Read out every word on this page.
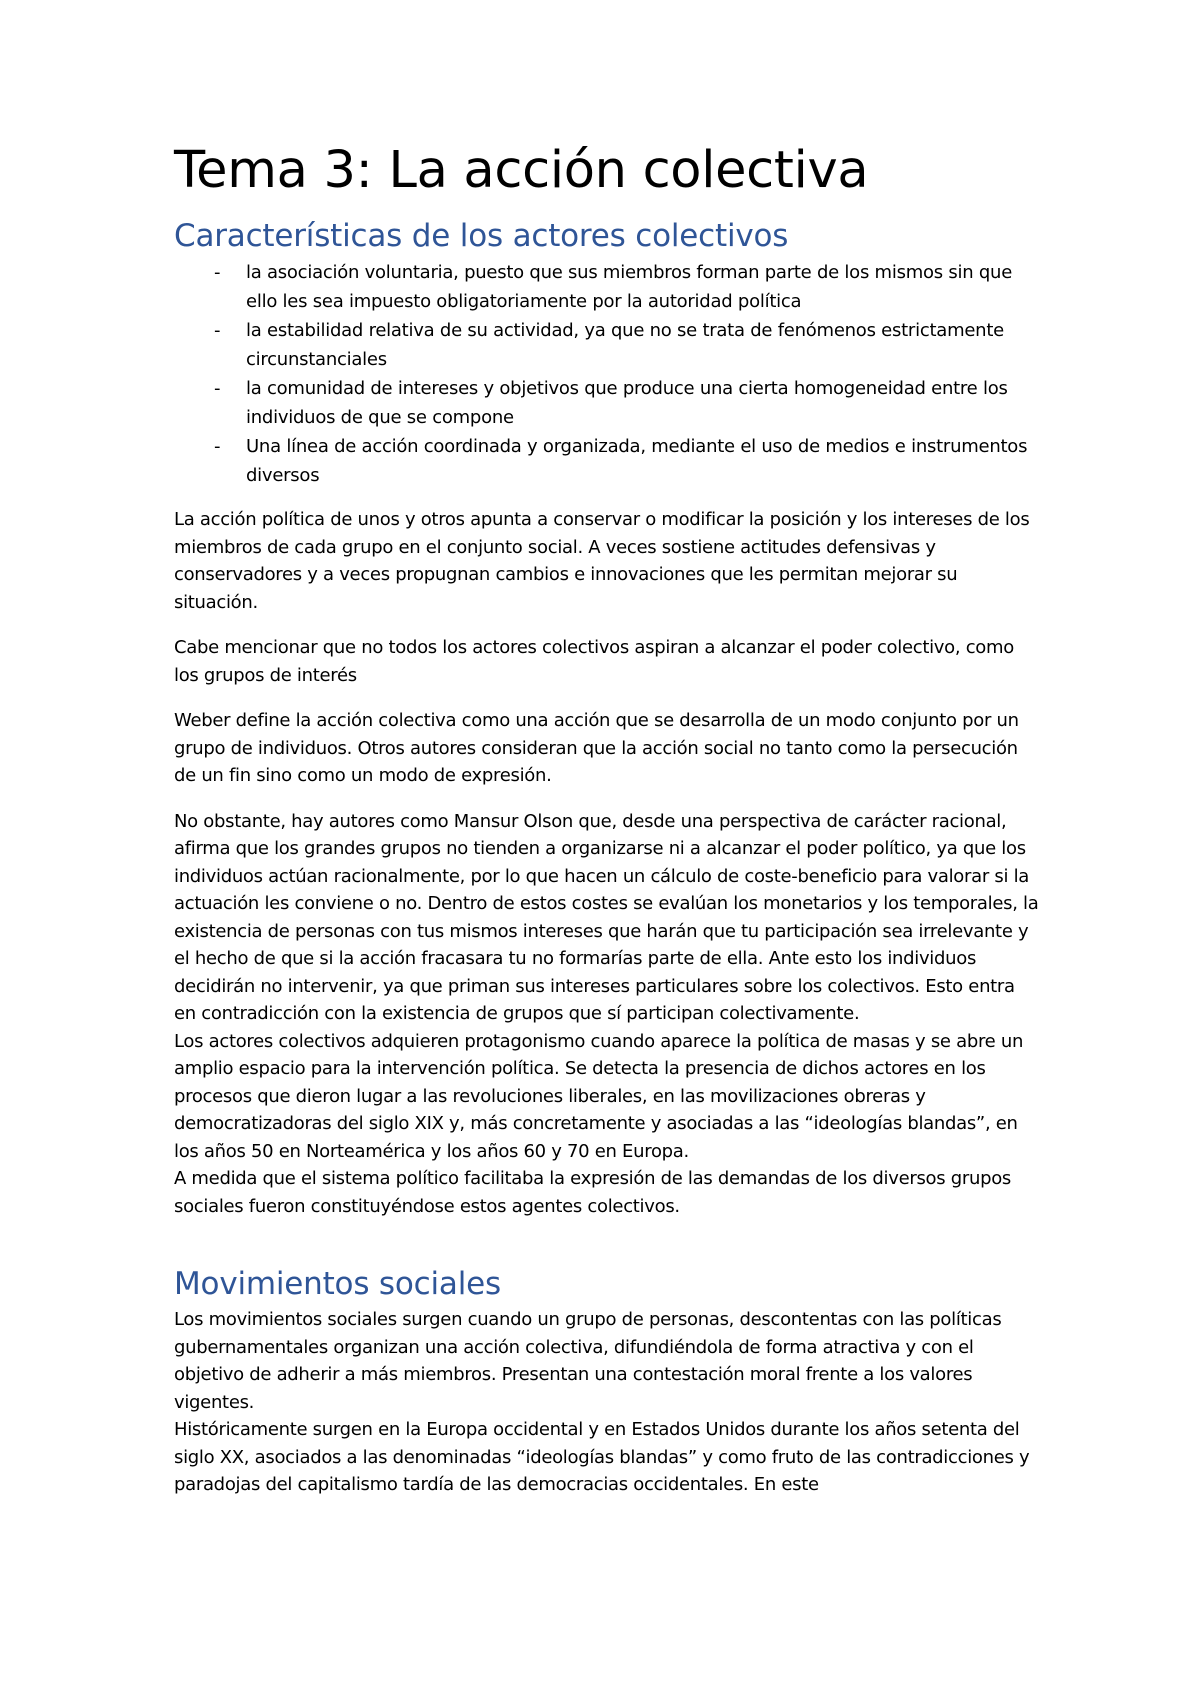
Tema 3: La acción colectiva
Características de los actores colectivos
- la asociación voluntaria, puesto que sus miembros forman parte de los mismos sin que ello les sea impuesto obligatoriamente por la autoridad política
- la estabilidad relativa de su actividad, ya que no se trata de fenómenos estrictamente circunstanciales
- la comunidad de intereses y objetivos que produce una cierta homogeneidad entre los individuos de que se compone
- Una línea de acción coordinada y organizada, mediante el uso de medios e instrumentos diversos

La acción política de unos y otros apunta a conservar o modificar la posición y los intereses de los miembros de cada grupo en el conjunto social. A veces sostiene actitudes defensivas y conservadores y a veces propugnan cambios e innovaciones que les permitan mejorar su situación.

Cabe mencionar que no todos los actores colectivos aspiran a alcanzar el poder colectivo, como los grupos de interés

Weber define la acción colectiva como una acción que se desarrolla de un modo conjunto por un grupo de individuos. Otros autores consideran que la acción social no tanto como la persecución de un fin sino como un modo de expresión.

No obstante, hay autores como Mansur Olson que, desde una perspectiva de carácter racional, afirma que los grandes grupos no tienden a organizarse ni a alcanzar el poder político, ya que los individuos actúan racionalmente, por lo que hacen un cálculo de coste-beneficio para valorar si la actuación les conviene o no. Dentro de estos costes se evalúan los monetarios y los temporales, la existencia de personas con tus mismos intereses que harán que tu participación sea irrelevante y el hecho de que si la acción fracasara tu no formarías parte de ella. Ante esto los individuos decidirán no intervenir, ya que priman sus intereses particulares sobre los colectivos. Esto entra en contradicción con la existencia de grupos que sí participan colectivamente.

Los actores colectivos adquieren protagonismo cuando aparece la política de masas y se abre un amplio espacio para la intervención política. Se detecta la presencia de dichos actores en los procesos que dieron lugar a las revoluciones liberales, en las movilizaciones obreras y democratizadoras del siglo XIX y, más concretamente y asociadas a las “ideologías blandas”, en los años 50 en Norteamérica y los años 60 y 70 en Europa.

A medida que el sistema político facilitaba la expresión de las demandas de los diversos grupos sociales fueron constituyéndose estos agentes colectivos.

Movimientos sociales

Los movimientos sociales surgen cuando un grupo de personas, descontentas con las políticas gubernamentales organizan una acción colectiva, difundiéndola de forma atractiva y con el objetivo de adherir a más miembros. Presentan una contestación moral frente a los valores vigentes.

Históricamente surgen en la Europa occidental y en Estados Unidos durante los años setenta del siglo XX, asociados a las denominadas “ideologías blandas” y como fruto de las contradicciones y paradojas del capitalismo tardía de las democracias occidentales. En este
